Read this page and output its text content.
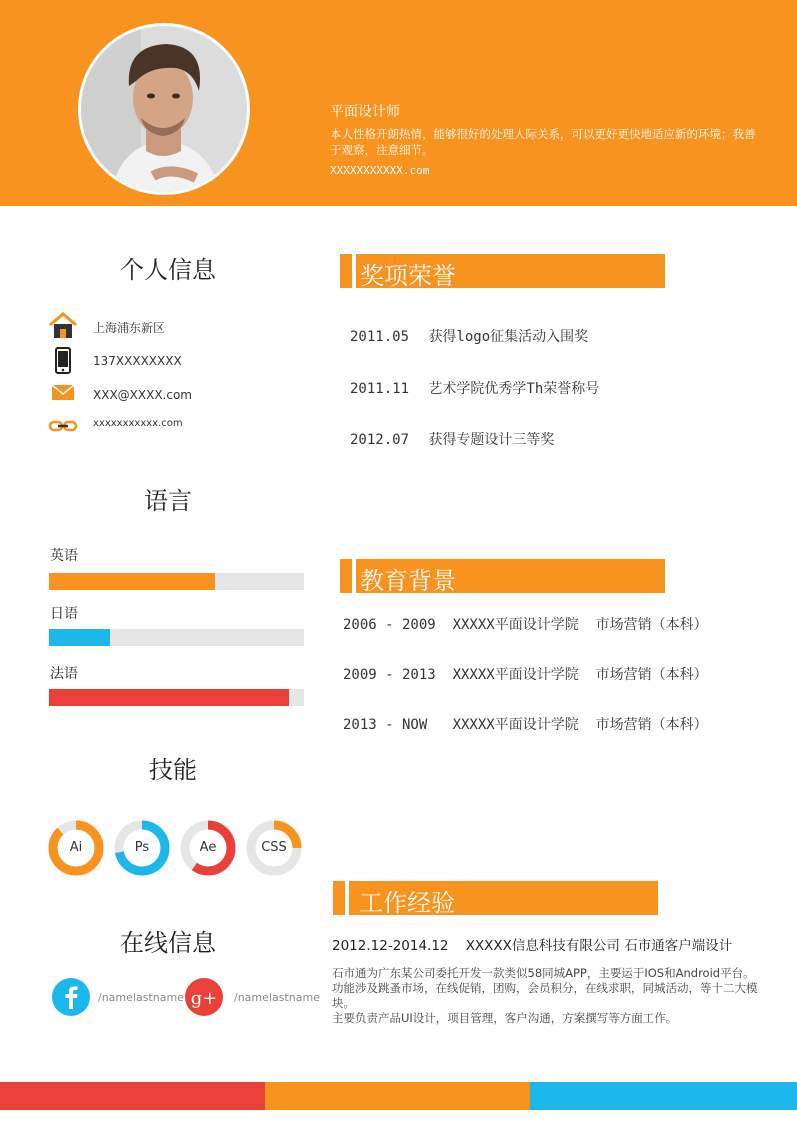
平面设计师
本人性格开朗热情，能够很好的处理人际关系，可以更好更快地适应新的环境；我善于观察，注意细节。
XXXXXXXXXXX.com
个人信息
上海浦东新区
137XXXXXXXX
XXX@XXXX.com
xxxxxxxxxxx.com
语言
英语
日语
法语
技能
Ai	Ps	Ae	CSS
在线信息
/namelastname g+ /namelastname
奖项荣誉
2011.05 获得logo征集活动入围奖
2011.11 艺术学院优秀学Th荣誉称号
2012.07 获得专题设计三等奖
教育背景
2006 - 2009  XXXXX平面设计学院  市场营销（本科）
2009 - 2013  XXXXX平面设计学院  市场营销（本科）
2013 - NOW   XXXXX平面设计学院  市场营销（本科）
工作经验
2012.12-2014.12    XXXXX信息科技有限公司 石市通客户端设计
石市通为广东某公司委托开发一款类似58同城APP，主要运于IOS和Android平台。
功能涉及跳蚤市场，在线促销，团购，会员积分，在线求职，同城活动，等十二大模块。
主要负责产品UI设计，项目管理，客户沟通，方案撰写等方面工作。
